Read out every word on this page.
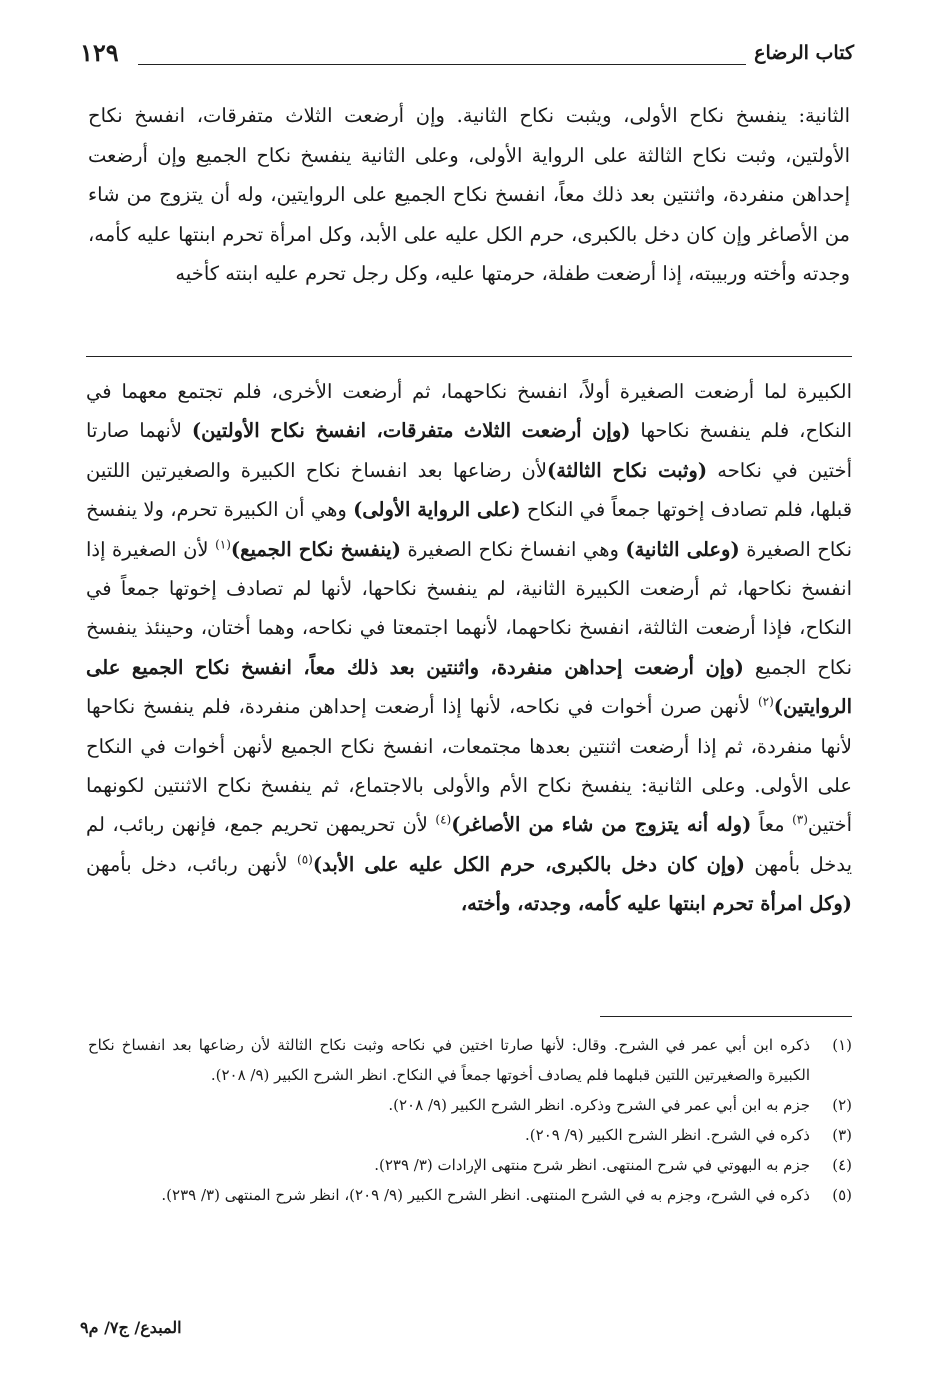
كتاب الرضاع
١٢٩
الثانية: ينفسخ نكاح الأولى، ويثبت نكاح الثانية. وإن أرضعت الثلاث متفرقات، انفسخ نكاح الأولتين، وثبت نكاح الثالثة على الرواية الأولى، وعلى الثانية ينفسخ نكاح الجميع وإن أرضعت إحداهن منفردة، واثنتين بعد ذلك معاً، انفسخ نكاح الجميع على الروايتين، وله أن يتزوج من شاء من الأصاغر وإن كان دخل بالكبرى، حرم الكل عليه على الأبد، وكل امرأة تحرم ابنتها عليه كأمه، وجدته وأخته وربيبته، إذا أرضعت طفلة، حرمتها عليه، وكل رجل تحرم عليه ابنته كأخيه

الكبيرة لما أرضعت الصغيرة أولاً، انفسخ نكاحهما، ثم أرضعت الأخرى، فلم تجتمع معهما في النكاح، فلم ينفسخ نكاحها (وإن أرضعت الثلاث متفرقات، انفسخ نكاح الأولتين) لأنهما صارتا أختين في نكاحه (وثبت نكاح الثالثة)لأن رضاعها بعد انفساخ نكاح الكبيرة والصغيرتين اللتين قبلها، فلم تصادف إخوتها جمعاً في النكاح (على الرواية الأولى) وهي أن الكبيرة تحرم، ولا ينفسخ نكاح الصغيرة (وعلى الثانية) وهي انفساخ نكاح الصغيرة (ينفسخ نكاح الجميع)$^{(١)}$ لأن الصغيرة إذا انفسخ نكاحها، ثم أرضعت الكبيرة الثانية، لم ينفسخ نكاحها، لأنها لم تصادف إخوتها جمعاً في النكاح، فإذا أرضعت الثالثة، انفسخ نكاحهما، لأنهما اجتمعتا في نكاحه، وهما أختان، وحينئذ ينفسخ نكاح الجميع (وإن أرضعت إحداهن منفردة، واثنتين بعد ذلك معاً، انفسخ نكاح الجميع على الروايتين)$^{(٢)}$ لأنهن صرن أخوات في نكاحه، لأنها إذا أرضعت إحداهن منفردة، فلم ينفسخ نكاحها لأنها منفردة، ثم إذا أرضعت اثنتين بعدها مجتمعات، انفسخ نكاح الجميع لأنهن أخوات في النكاح على الأولى. وعلى الثانية: ينفسخ نكاح الأم والأولى بالاجتماع، ثم ينفسخ نكاح الاثنتين لكونهما أختين$^{(٣)}$ معاً (وله أنه يتزوج من شاء من الأصاغر)$^{(٤)}$ لأن تحريمهن تحريم جمع، فإنهن ربائب، لم يدخل بأمهن (وإن كان دخل بالكبرى، حرم الكل عليه على الأبد)$^{(٥)}$ لأنهن ربائب، دخل بأمهن (وكل امرأة تحرم ابنتها عليه كأمه، وجدته، وأخته،

(١)
ذكره ابن أبي عمر في الشرح. وقال: لأنها صارتا اختين في نكاحه وثبت نكاح الثالثة لأن رضاعها بعد انفساخ نكاح الكبيرة والصغيرتين اللتين قبلهما فلم يصادف أخوتها جمعاً في النكاح. انظر الشرح الكبير (٩/ ٢٠٨).
(٢)
جزم به ابن أبي عمر في الشرح وذكره. انظر الشرح الكبير (٩/ ٢٠٨).
(٣)
ذكره في الشرح. انظر الشرح الكبير (٩/ ٢٠٩).
(٤)
جزم به البهوتي في شرح المنتهى. انظر شرح منتهى الإرادات (٣/ ٢٣٩).
(٥)
ذكره في الشرح، وجزم به في الشرح المنتهى. انظر الشرح الكبير (٩/ ٢٠٩)، انظر شرح المنتهى (٣/ ٢٣٩).
المبدع/ ج٧/ م٩
